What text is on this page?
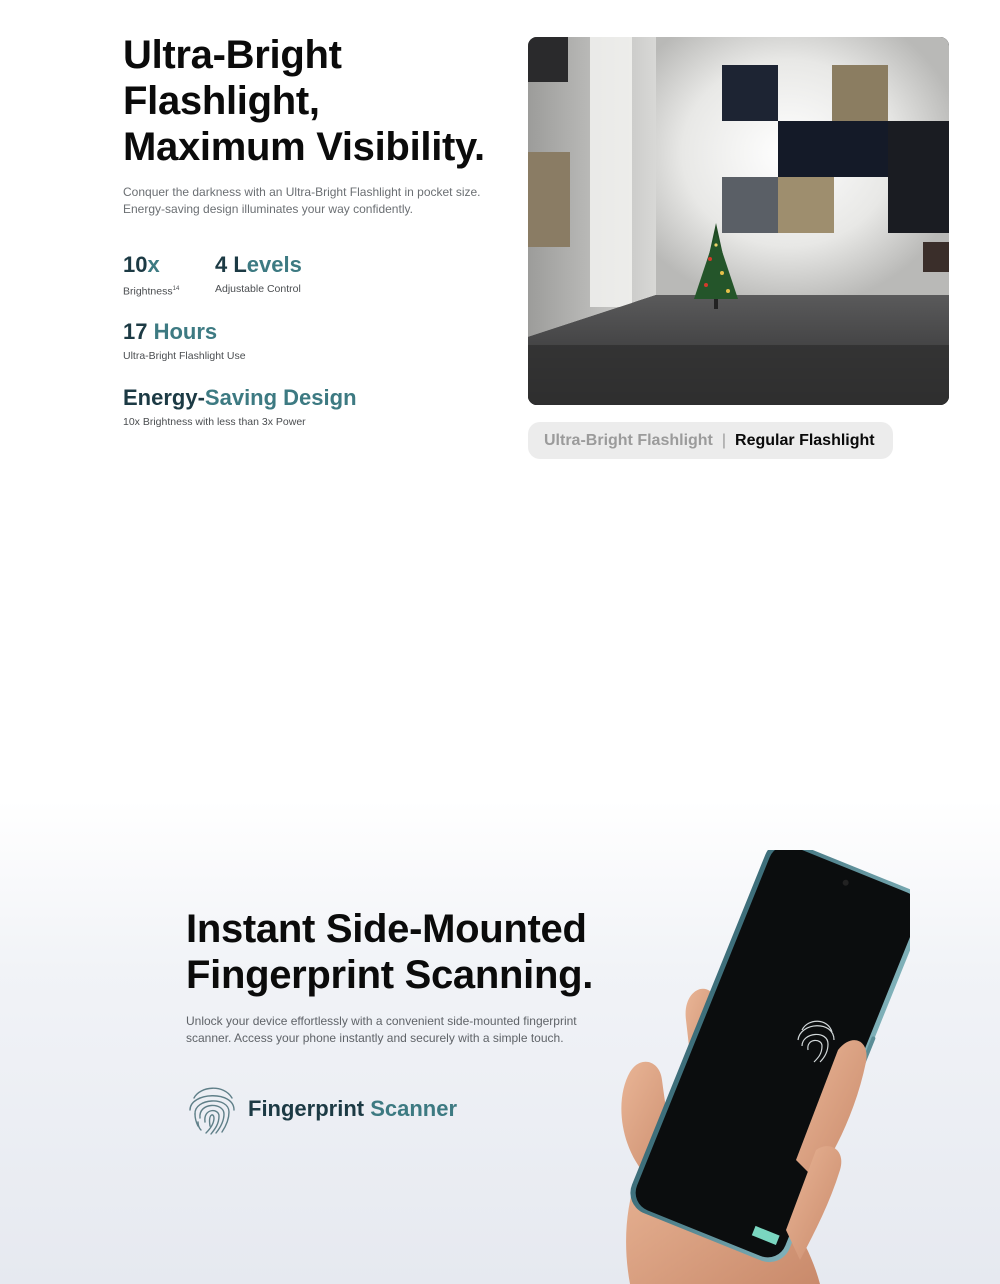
Ultra-Bright
Flashlight,
Maximum Visibility.

Conquer the darkness with an Ultra-Bright Flashlight in pocket size.
Energy-saving design illuminates your way confidently.

10x
Brightness$^{14}$
4 Levels
Adjustable Control
17 Hours
Ultra-Bright Flashlight Use
Energy-Saving Design
10x Brightness with less than 3x Power
Ultra-Bright Flashlight | Regular Flashlight
Instant Side-Mounted
Fingerprint Scanning.

Unlock your device effortlessly with a convenient side-mounted fingerprint
scanner. Access your phone instantly and securely with a simple touch.

Fingerprint Scanner
